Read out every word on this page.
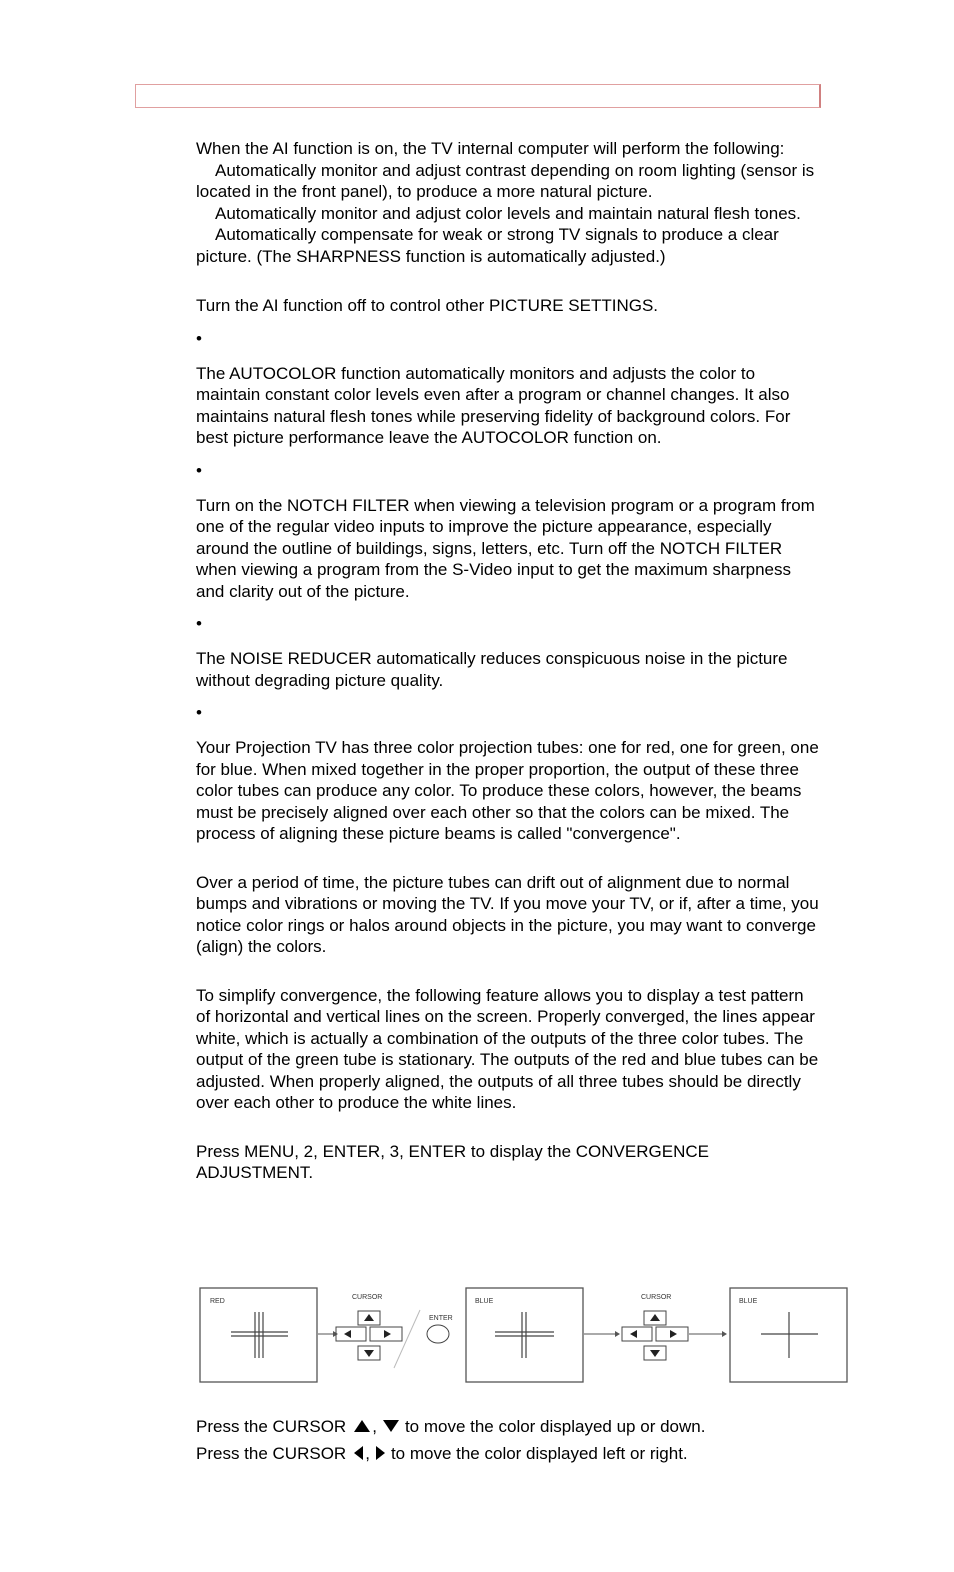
When the AI function is on, the TV internal computer will perform the following:

Automatically monitor and adjust contrast depending on room lighting (sensor is located in the front panel), to produce a more natural picture.

Automatically monitor and adjust color levels and maintain natural flesh tones.

Automatically compensate for weak or strong TV signals to produce a clear picture. (The SHARPNESS function is automatically adjusted.)

Turn the AI function off to control other PICTURE SETTINGS.

•

The AUTOCOLOR function automatically monitors and adjusts the color to maintain constant color levels even after a program or channel changes. It also maintains natural flesh tones while preserving fidelity of background colors. For best picture performance leave the AUTOCOLOR function on.

•

Turn on the NOTCH FILTER when viewing a television program or a program from one of the regular video inputs to improve the picture appearance, especially around the outline of buildings, signs, letters, etc. Turn off the NOTCH FILTER when viewing a program from the S-Video input to get the maximum sharpness and clarity out of the picture.

•

The NOISE REDUCER automatically reduces conspicuous noise in the picture without degrading picture quality.

•

Your Projection TV has three color projection tubes: one for red, one for green, one for blue. When mixed together in the proper proportion, the output of these three color tubes can produce any color. To produce these colors, however, the beams must be precisely aligned over each other so that the colors can be mixed. The process of aligning these picture beams is called "convergence".

Over a period of time, the picture tubes can drift out of alignment due to normal bumps and vibrations or moving the TV. If you move your TV, or if, after a time, you notice color rings or halos around objects in the picture, you may want to converge (align) the colors.

To simplify convergence, the following feature allows you to display a test pattern of horizontal and vertical lines on the screen. Properly converged, the lines appear white, which is actually a combination of the outputs of the three color tubes. The output of the green tube is stationary. The outputs of the red and blue tubes can be adjusted. When properly aligned, the outputs of all three tubes should be directly over each other to produce the white lines.

Press MENU, 2, ENTER, 3, ENTER to display the CONVERGENCE ADJUSTMENT.

RED
CURSOR
ENTER
BLUE
CURSOR
BLUE
Press the CURSOR , to move the color displayed up or down.
Press the CURSOR , to move the color displayed left or right.
